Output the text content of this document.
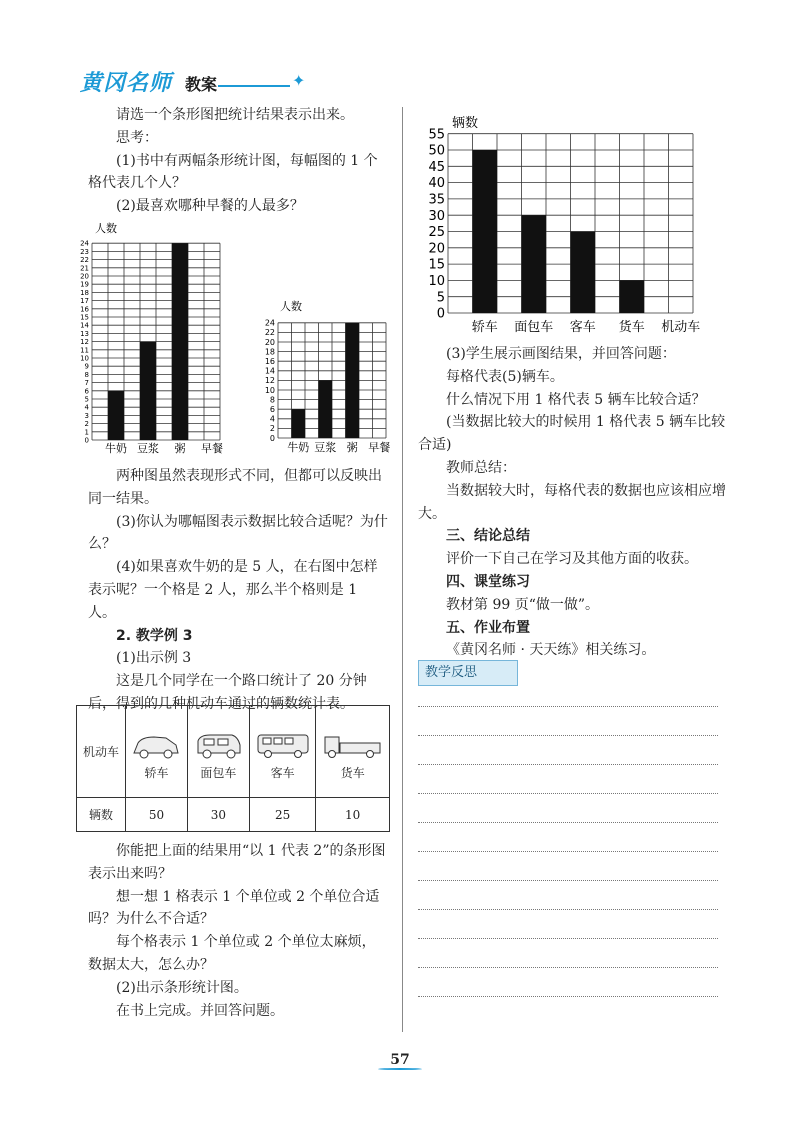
黄冈名师 教案	✦

请选一个条形图把统计结果表示出来。

思考：

(1)书中有两幅条形统计图，每幅图的 1 个格代表几个人？

(2)最喜欢哪种早餐的人最多？

人数
0
1
2
3
4
5
6
7
8
9
10
11
12
13
14
15
16
17
18
19
20
21
22
23
24
牛奶 豆浆 粥 早餐
人数
0
2
4
6
8
10
12
14
16
18
20
22
24
牛奶 豆浆 粥 早餐

两种图虽然表现形式不同，但都可以反映出同一结果。

(3)你认为哪幅图表示数据比较合适呢？为什么？

(4)如果喜欢牛奶的是 5 人，在右图中怎样表示呢？一个格是 2 人，那么半个格则是 1 人。

2. 教学例 3

(1)出示例 3

这是几个同学在一个路口统计了 20 分钟后，得到的几种机动车通过的辆数统计表。

机动车	轿车	面包车	客车	货车
辆数	50	30	25	10

你能把上面的结果用“以 1 代表 2”的条形图表示出来吗？

想一想 1 格表示 1 个单位或 2 个单位合适吗？为什么不合适？

每个格表示 1 个单位或 2 个单位太麻烦，数据太大，怎么办？

(2)出示条形统计图。

在书上完成。并回答问题。

辆数
0
5
10
15
20
25
30
35
40
45
50
55
轿车 面包车 客车 货车 机动车

(3)学生展示画图结果，并回答问题：

每格代表(5)辆车。

什么情况下用 1 格代表 5 辆车比较合适？

(当数据比较大的时候用 1 格代表 5 辆车比较合适)

教师总结：

当数据较大时，每格代表的数据也应该相应增大。

三、结论总结

评价一下自己在学习及其他方面的收获。

四、课堂练习

教材第 99 页“做一做”。

五、作业布置

《黄冈名师 · 天天练》相关练习。

教学反思
57
